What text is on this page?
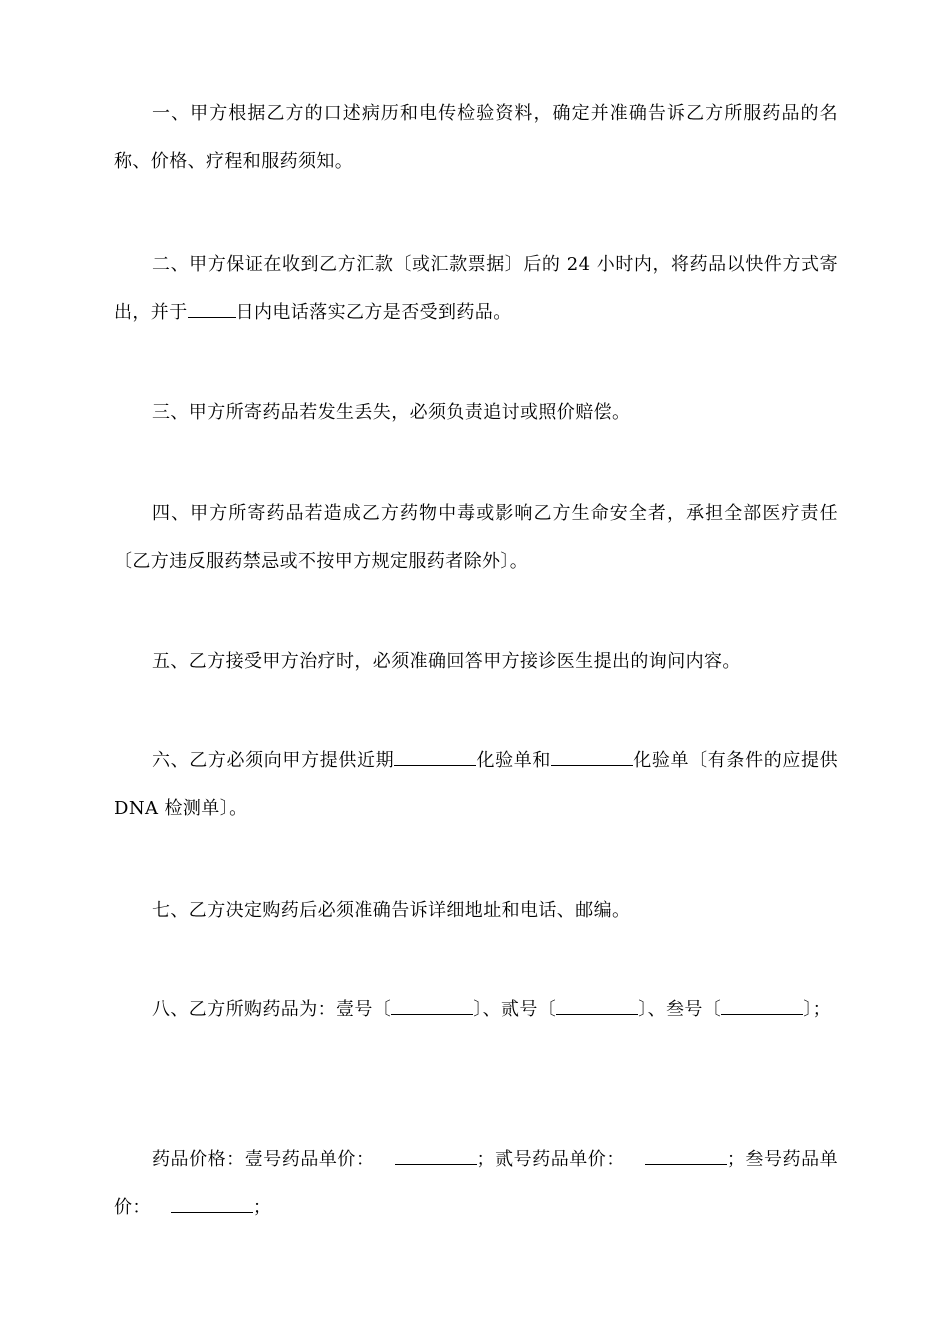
一、甲方根据乙方的口述病历和电传检验资料，确定并准确告诉乙方所服药品的名称、价格、疗程和服药须知。

二、甲方保证在收到乙方汇款〔或汇款票据〕后的 24 小时内，将药品以快件方式寄出，并于	日内电话落实乙方是否受到药品。

三、甲方所寄药品若发生丢失，必须负责追讨或照价赔偿。

四、甲方所寄药品若造成乙方药物中毒或影响乙方生命安全者，承担全部医疗责任〔乙方违反服药禁忌或不按甲方规定服药者除外〕。

五、乙方接受甲方治疗时，必须准确回答甲方接诊医生提出的询问内容。

六、乙方必须向甲方提供近期	化验单和	化验单〔有条件的应提供 DNA 检测单〕。

七、乙方决定购药后必须准确告诉详细地址和电话、邮编。

八、乙方所购药品为：壹号〔	〕、贰号〔	〕、叁号〔	〕；

药品价格：壹号药品单价：	；贰号药品单价：	；叁号药品单价：	；
